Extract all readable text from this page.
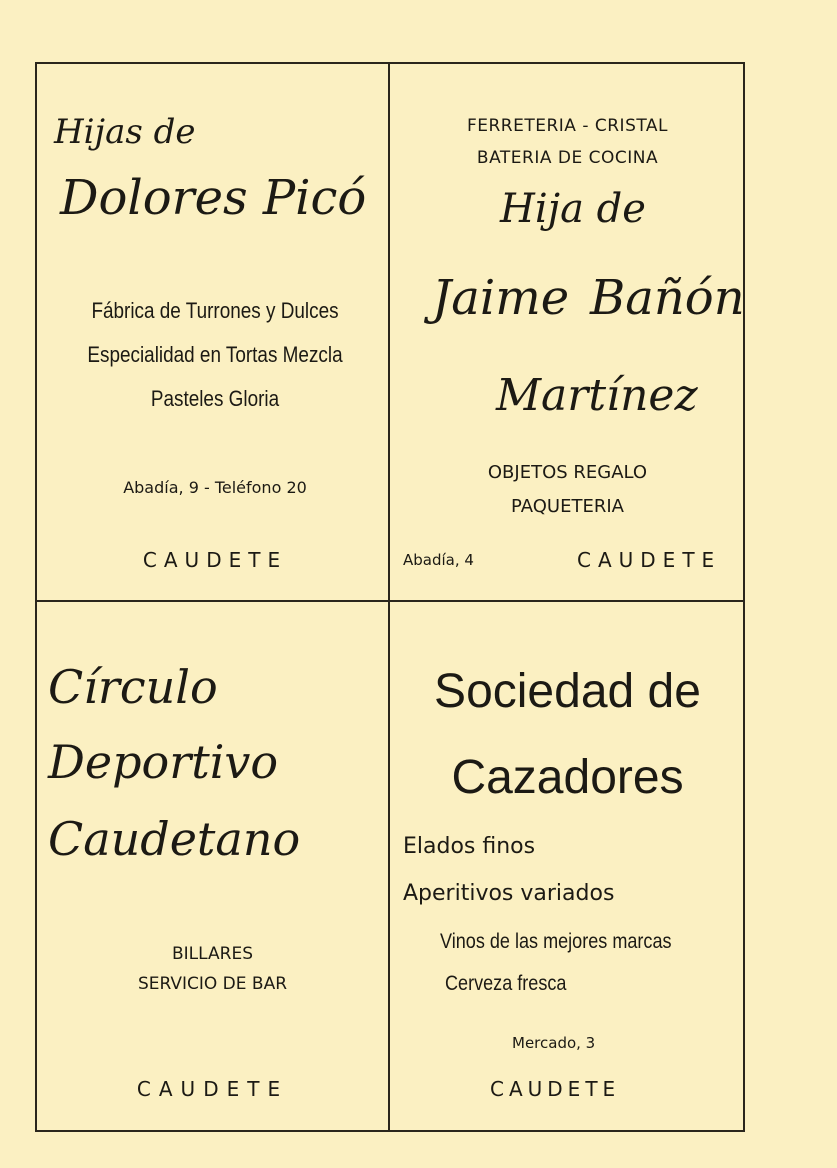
Hijas de
Dolores Picó
Fábrica de Turrones y Dulces
Especialidad en Tortas Mezcla
Pasteles Gloria
Abadía, 9 - Teléfono 20
CAUDETE
FERRETERIA - CRISTAL
BATERIA DE COCINA
Hija de
Jaime Bañón
Martínez
OBJETOS REGALO
PAQUETERIA
Abadía, 4	CAUDETE
Círculo
Deportivo
Caudetano
BILLARES
SERVICIO DE BAR
CAUDETE
Sociedad de
Cazadores
Elados finos
Aperitivos variados
Vinos de las mejores marcas
Cerveza fresca
Mercado, 3
CAUDETE
